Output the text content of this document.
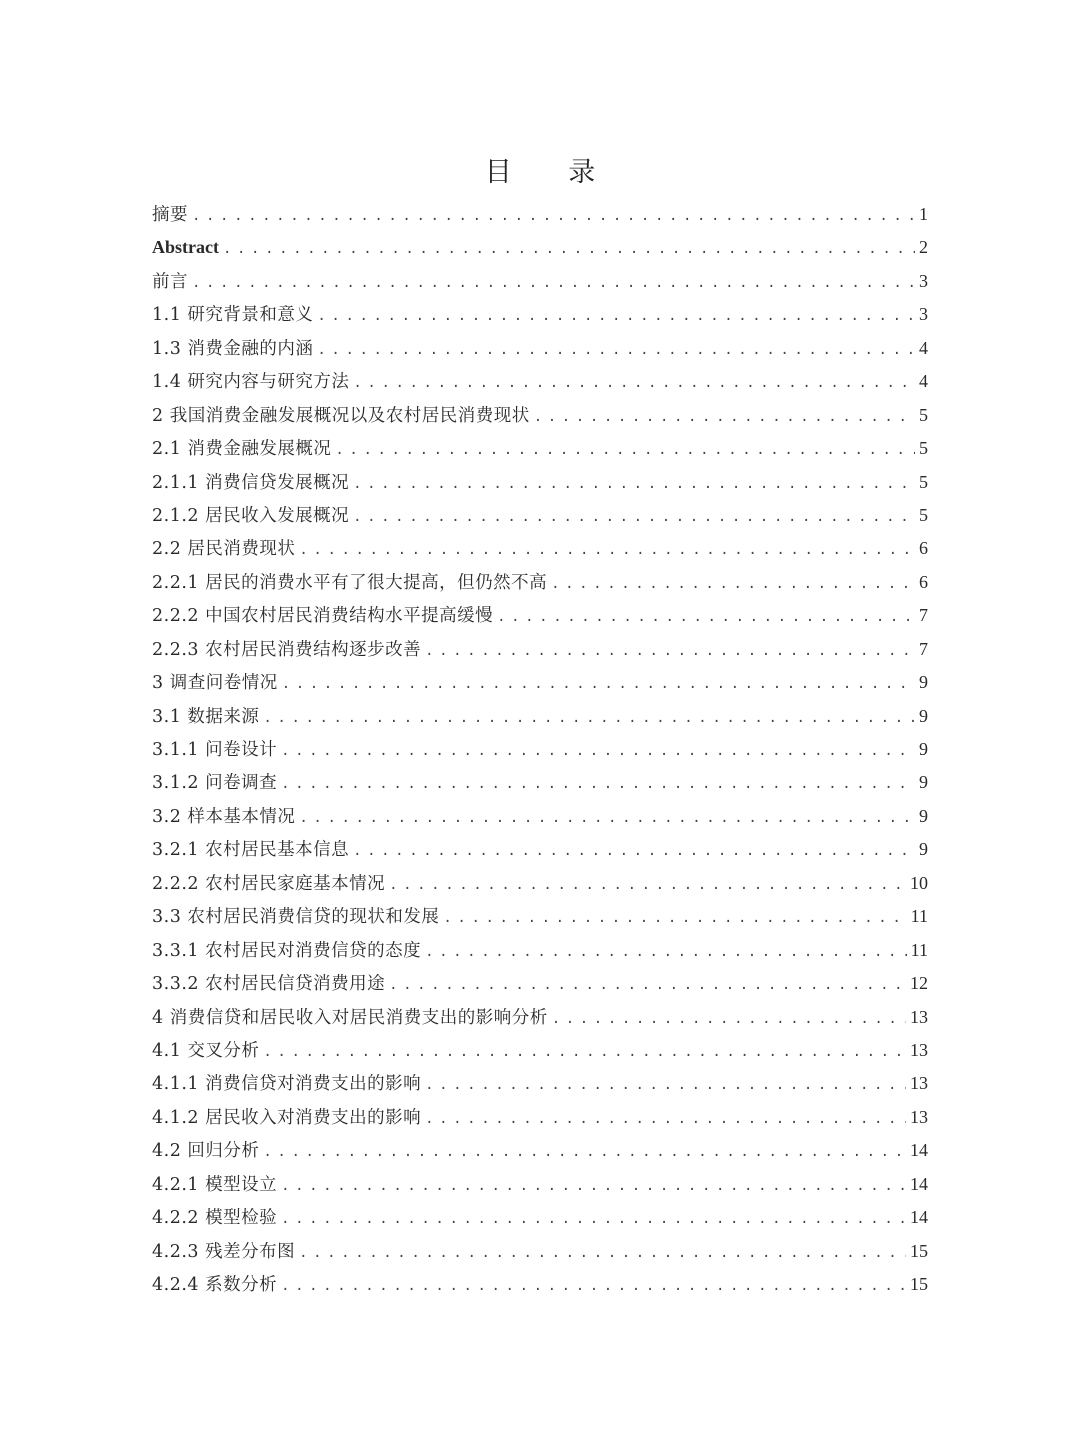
目 录
摘要 .....	1
Abstract .....	2
前言 .....	3
1.1 研究背景和意义 .....	3
1.3 消费金融的内涵 .....	4
1.4 研究内容与研究方法 .....	4
2 我国消费金融发展概况以及农村居民消费现状 .....	5
2.1 消费金融发展概况 .....	5
2.1.1 消费信贷发展概况 .....	5
2.1.2 居民收入发展概况 .....	5
2.2 居民消费现状 .....	6
2.2.1 居民的消费水平有了很大提高，但仍然不高 .....	6
2.2.2 中国农村居民消费结构水平提高缓慢 .....	7
2.2.3 农村居民消费结构逐步改善 .....	7
3 调查问卷情况 .....	9
3.1 数据来源 .....	9
3.1.1 问卷设计 .....	9
3.1.2 问卷调查 .....	9
3.2 样本基本情况 .....	9
3.2.1 农村居民基本信息 .....	9
2.2.2 农村居民家庭基本情况 .....	10
3.3 农村居民消费信贷的现状和发展 .....	11
3.3.1 农村居民对消费信贷的态度 .....	11
3.3.2 农村居民信贷消费用途 .....	12
4 消费信贷和居民收入对居民消费支出的影响分析 .....	13
4.1 交叉分析 .....	13
4.1.1 消费信贷对消费支出的影响 .....	13
4.1.2 居民收入对消费支出的影响 .....	13
4.2 回归分析 .....	14
4.2.1 模型设立 .....	14
4.2.2 模型检验 .....	14
4.2.3 残差分布图 .....	15
4.2.4 系数分析 .....	15
